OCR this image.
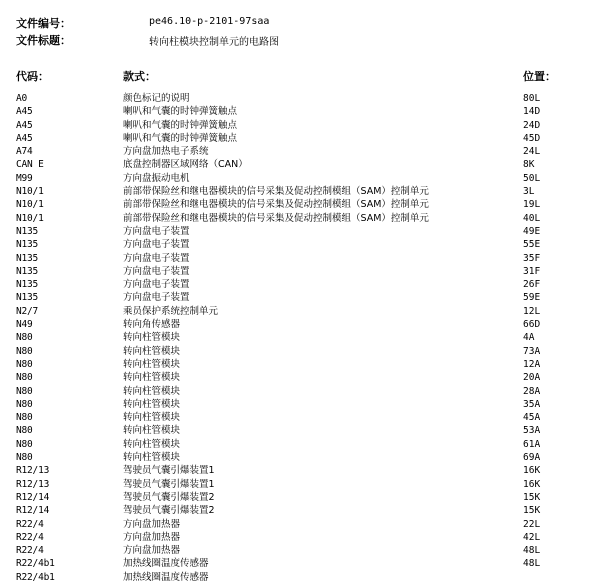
文件编号：	pe46.10-p-2101-97saa
文件标题：	转向柱模块控制单元的电路图
代码：	款式：	位置：
A0	颜色标记的说明	80L
A45	喇叭和气囊的时钟弹簧触点	14D
A45	喇叭和气囊的时钟弹簧触点	24D
A45	喇叭和气囊的时钟弹簧触点	45D
A74	方向盘加热电子系统	24L
CAN E	底盘控制器区域网络（CAN）	8K
M99	方向盘振动电机	50L
N10/1	前部带保险丝和继电器模块的信号采集及促动控制模组（SAM）控制单元	3L
N10/1	前部带保险丝和继电器模块的信号采集及促动控制模组（SAM）控制单元	19L
N10/1	前部带保险丝和继电器模块的信号采集及促动控制模组（SAM）控制单元	40L
N135	方向盘电子装置	49E
N135	方向盘电子装置	55E
N135	方向盘电子装置	35F
N135	方向盘电子装置	31F
N135	方向盘电子装置	26F
N135	方向盘电子装置	59E
N2/7	乘员保护系统控制单元	12L
N49	转向角传感器	66D
N80	转向柱管模块	4A
N80	转向柱管模块	73A
N80	转向柱管模块	12A
N80	转向柱管模块	20A
N80	转向柱管模块	28A
N80	转向柱管模块	35A
N80	转向柱管模块	45A
N80	转向柱管模块	53A
N80	转向柱管模块	61A
N80	转向柱管模块	69A
R12/13	驾驶员气囊引爆装置1	16K
R12/13	驾驶员气囊引爆装置1	16K
R12/14	驾驶员气囊引爆装置2	15K
R12/14	驾驶员气囊引爆装置2	15K
R22/4	方向盘加热器	22L
R22/4	方向盘加热器	42L
R22/4	方向盘加热器	48L
R22/4b1	加热线圈温度传感器	48L
R22/4b1	加热线圈温度传感器
